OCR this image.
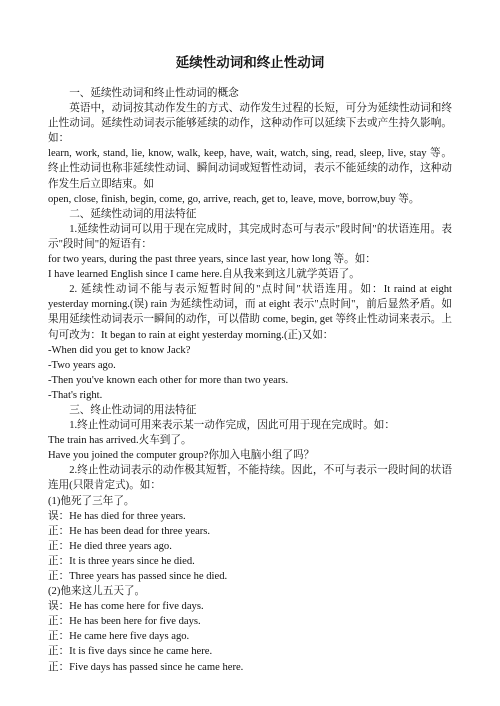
延续性动词和终止性动词

一、延续性动词和终止性动词的概念

英语中，动词按其动作发生的方式、动作发生过程的长短，可分为延续性动词和终止性动词。延续性动词表示能够延续的动作，这种动作可以延续下去或产生持久影响。如：

learn, work, stand, lie, know, walk, keep, have, wait, watch, sing, read, sleep, live, stay 等。 终止性动词也称非延续性动词、瞬间动词或短暂性动词，表示不能延续的动作，这种动作发生后立即结束。如

open, close, finish, begin, come, go, arrive, reach, get to, leave, move, borrow,buy 等。

二、延续性动词的用法特征

1.延续性动词可以用于现在完成时，其完成时态可与表示"段时间"的状语连用。表示"段时间"的短语有：

for two years, during the past three years, since last year, how long 等。如：

I have learned English since I came here.自从我来到这儿就学英语了。

2. 延续性动词不能与表示短暂时间的"点时间"状语连用。如：It raind at eight yesterday morning.(误) rain 为延续性动词，而 at eight 表示"点时间"，前后显然矛盾。如果用延续性动词表示一瞬间的动作，可以借助 come, begin, get 等终止性动词来表示。上句可改为：It began to rain at eight yesterday morning.(正)又如：

-When did you get to know Jack?

-Two years ago.

-Then you've known each other for more than two years.

-That's right.

三、终止性动词的用法特征

1.终止性动词可用来表示某一动作完成，因此可用于现在完成时。如：

The train has arrived.火车到了。

Have you joined the computer group?你加入电脑小组了吗？

2.终止性动词表示的动作极其短暂，不能持续。因此，不可与表示一段时间的状语连用(只限肯定式)。如：

(1)他死了三年了。

误：He has died for three years.

正：He has been dead for three years.

正：He died three years ago.

正：It is three years since he died.

正：Three years has passed since he died.

(2)他来这儿五天了。

误：He has come here for five days.

正：He has been here for five days.

正：He came here five days ago.

正：It is five days since he came here.

正：Five days has passed since he came here.
